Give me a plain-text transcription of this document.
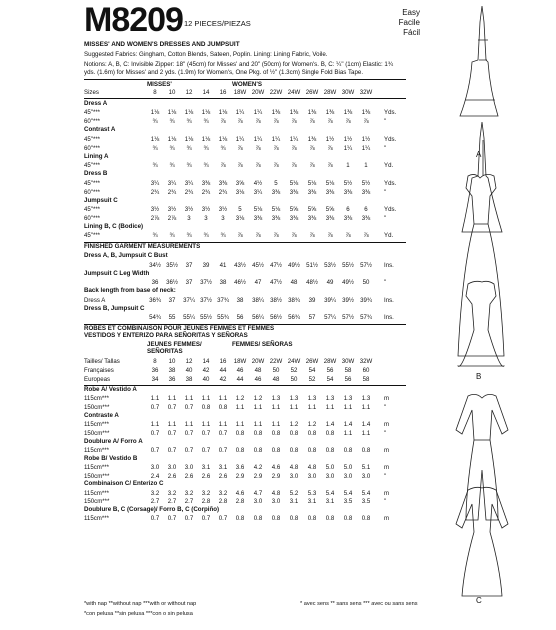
M8209 12 PIECES/PIEZAS
Easy
Facile
Fácil
MISSES' AND WOMEN'S DRESSES AND JUMPSUIT
Suggested Fabrics: Gingham, Cotton Blends, Sateen, Poplin. Lining: Lining Fabric, Voile.
Notions: A, B, C: Invisible Zipper: 18" (45cm) for Misses' and 20" (50cm) for Women's. B, C: ¼" (1cm) Elastic: 1¾ yds. (1.6m) for Misses' and 2 yds. (1.9m) for Women's, One Pkg. of ½" (1.3cm) Single Fold Bias Tape.
MISSES'	WOMEN'S
Sizes	8	10	12	14	16	18W 20W 22W 24W 26W 28W 30W 32W
Dress A
45"***	1⅛	1⅛	1⅛	1⅛	1⅛	1¼	1¼	1⅜	1⅜	1⅜	1⅜	1⅜	1⅜	Yds.
60"***	¾	¾	¾	¾	⅞	⅞	⅞	⅞	⅞	⅞	⅞	⅞	⅞	"
Contrast A
45"***	1⅛	1⅛	1⅛	1⅛	1⅛	1¼	1¼	1¼	1¼	1⅜	1½	1½	1½	Yds.
60"***	¾	¾	¾	¾	¾	⅞	⅞	⅞	⅞	⅞	⅞	1¼	1¼	"
Lining A
45"***	¾	¾	¾	¾	⅞	⅞	⅞	⅞	⅞	⅞	⅞	1	1	Yd.
Dress B
45"***	3¼	3¼	3¼	3⅜	3⅜	3⅝	4½	5	5⅛	5⅛	5⅛	5½	5½	Yds.
60"***	2¾	2¾	2¾	2¾	2¾	3⅛	3¼	3⅜	3⅜	3⅜	3⅜	3⅜	3⅜	"
Jumpsuit C
45"***	3½	3½	3½	3½	3½	5	5⅛	5⅛	5⅝	5⅝	5⅝	6	6	Yds.
60"***	2⅞	2⅞	3	3	3	3⅛	3⅜	3⅜	3⅜	3⅜	3⅜	3⅜	3⅜	"
Lining B, C (Bodice)
45"***	¾	¾	¾	¾	¾	⅞	⅞	⅞	⅞	⅞	⅞	⅞	⅞	Yd.
FINISHED GARMENT MEASUREMENTS
Dress A, B, Jumpsuit C Bust
34½ 35½	37	39	41	43½	45½	47½	49½	51½	53½	55½	57½	Ins.
Jumpsuit C Leg Width
36	36½	37	37½	38	46½	47	47½	48	48½	49	49½	50	"
Back length from base of neck:
Dress A	36¾	37	37¼ 37½ 37¾	38	38¼	38½	38¾	39	39¼	39½	39¾	Ins.
Dress B, Jumpsuit C
54¾	55	55¼ 55½ 55¾	56	56¼	56½	56¾	57	57¼	57½	57¾	Ins.
ROBES ET COMBINAISON POUR JEUNES FEMMES ET FEMMES
VESTIDOS Y ENTERIZO PARA SEÑORITAS Y SEÑORAS
JEUNES FEMMES/ SEÑORITAS
FEMMES/ SEÑORAS
Tailles/ Tallas	8	10	12	14	16	18W 20W 22W 24W 26W 28W 30W 32W
Françaises	36	38	40	42	44	46	48	50	52	54	56	58	60
Europeas	34	36	38	40	42	44	46	48	50	52	54	56	58
Robe A/ Vestido A
115cm***	1.1	1.1	1.1	1.1	1.1	1.2	1.2	1.3	1.3	1.3	1.3	1.3	1.3	m
150cm***	0.7	0.7	0.7	0.8	0.8	1.1	1.1	1.1	1.1	1.1	1.1	1.1	1.1	"
Contraste A
115cm***	1.1	1.1	1.1	1.1	1.1	1.1	1.1	1.1	1.2	1.2	1.4	1.4	1.4	m
150cm***	0.7	0.7	0.7	0.7	0.7	0.8	0.8	0.8	0.8	0.8	0.8	1.1	1.1	"
Doublure A/ Forro A
115cm***	0.7	0.7	0.7	0.7	0.7	0.8	0.8	0.8	0.8	0.8	0.8	0.8	0.8	m
Robe B/ Vestido B
115cm***	3.0	3.0	3.0	3.1	3.1	3.6	4.2	4.6	4.8	4.8	5.0	5.0	5.1	m
150cm***	2.4	2.6	2.6	2.6	2.6	2.9	2.9	2.9	3.0	3.0	3.0	3.0	3.0	"
Combinaison C/ Enterizo C
115cm***	3.2	3.2	3.2	3.2	3.2	4.6	4.7	4.8	5.2	5.3	5.4	5.4	5.4	m
150cm***	2.7	2.7	2.7	2.8	2.8	2.8	3.0	3.0	3.1	3.1	3.1	3.5	3.5	"
Doublure B, C (Corsage)/ Forro B, C (Corpiño)
115cm***	0.7	0.7	0.7	0.7	0.7	0.8	0.8	0.8	0.8	0.8	0.8	0.8	0.8	m
*with nap **without nap ***with or without nap	* avec sens ** sans sens *** avec ou sans sens
*con pelusa **sin pelusa ***con o sin pelusa
A
B
C
